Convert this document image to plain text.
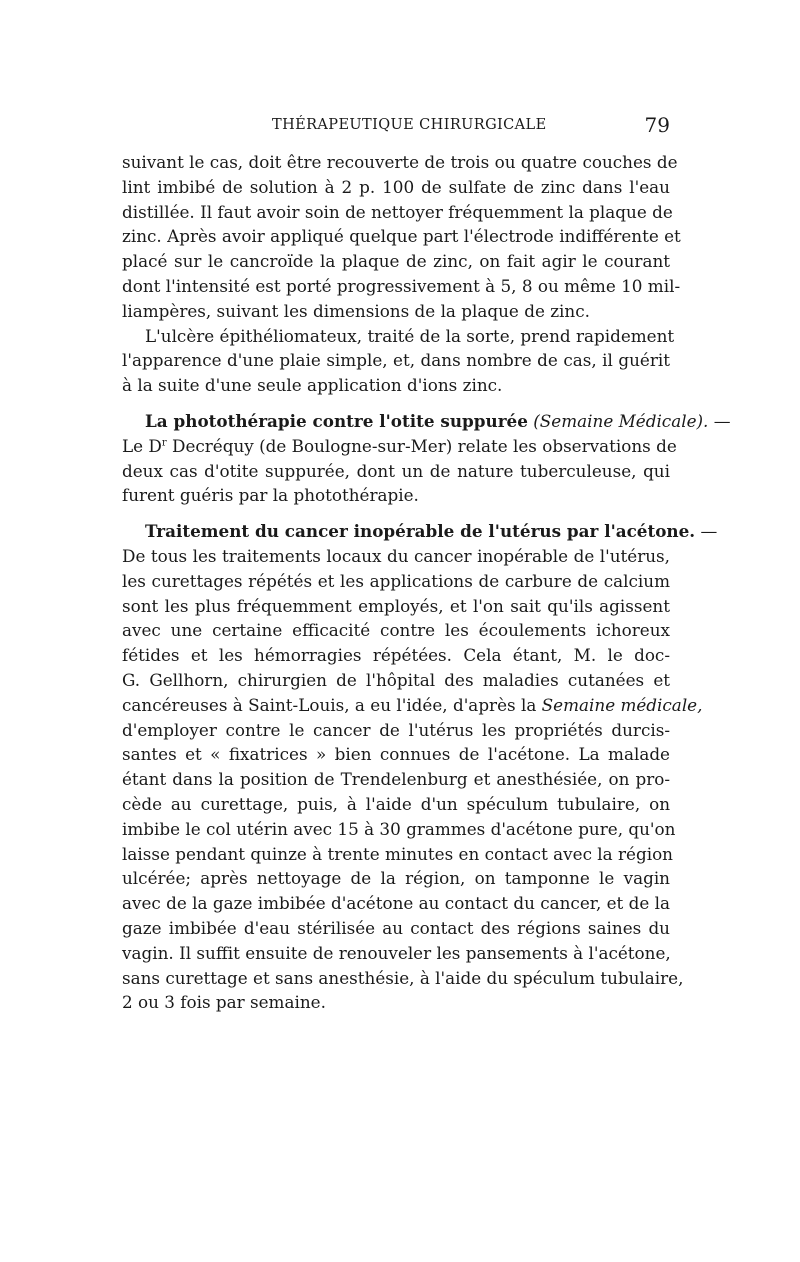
THÉRAPEUTIQUE CHIRURGICALE	79
suivant le cas, doit être recouverte de trois ou quatre couches de
lint imbibé de solution à 2 p. 100 de sulfate de zinc dans l'eau
distillée. Il faut avoir soin de nettoyer fréquemment la plaque de
zinc. Après avoir appliqué quelque part l'électrode indifférente et
placé sur le cancroïde la plaque de zinc, on fait agir le courant
dont l'intensité est porté progressivement à 5, 8 ou même 10 mil-
liampères, suivant les dimensions de la plaque de zinc.
L'ulcère épithéliomateux, traité de la sorte, prend rapidement
l'apparence d'une plaie simple, et, dans nombre de cas, il guérit
à la suite d'une seule application d'ions zinc.
La photothérapie contre l'otite suppurée (Semaine Médicale). —
Le $D^r$ Decréquy (de Boulogne-sur-Mer) relate les observations de
deux cas d'otite suppurée, dont un de nature tuberculeuse, qui
furent guéris par la photothérapie.
Traitement du cancer inopérable de l'utérus par l'acétone. —
De tous les traitements locaux du cancer inopérable de l'utérus,
les curettages répétés et les applications de carbure de calcium
sont les plus fréquemment employés, et l'on sait qu'ils agissent
avec une certaine efficacité contre les écoulements ichoreux
fétides et les hémorragies répétées. Cela étant, M. le doc-
G. Gellhorn, chirurgien de l'hôpital des maladies cutanées et
cancéreuses à Saint-Louis, a eu l'idée, d'après la Semaine médicale,
d'employer contre le cancer de l'utérus les propriétés durcis-
santes et « fixatrices » bien connues de l'acétone. La malade
étant dans la position de Trendelenburg et anesthésiée, on pro-
cède au curettage, puis, à l'aide d'un spéculum tubulaire, on
imbibe le col utérin avec 15 à 30 grammes d'acétone pure, qu'on
laisse pendant quinze à trente minutes en contact avec la région
ulcérée; après nettoyage de la région, on tamponne le vagin
avec de la gaze imbibée d'acétone au contact du cancer, et de la
gaze imbibée d'eau stérilisée au contact des régions saines du
vagin. Il suffit ensuite de renouveler les pansements à l'acétone,
sans curettage et sans anesthésie, à l'aide du spéculum tubulaire,
2 ou 3 fois par semaine.
